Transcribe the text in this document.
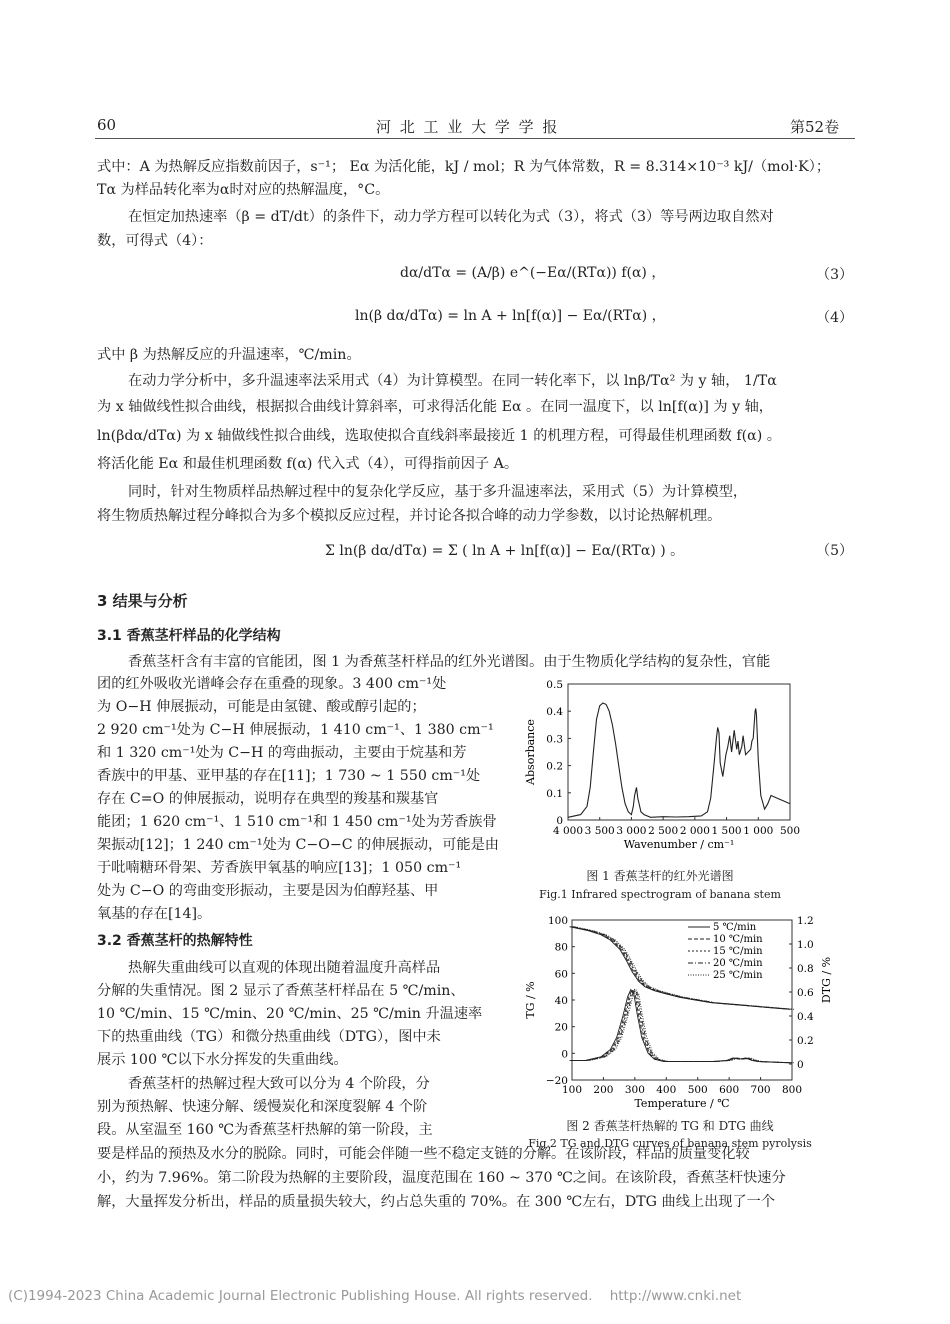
60	河 北 工 业 大 学 学 报	第52卷
式中：A 为热解反应指数前因子，s⁻¹； Eα 为活化能，kJ / mol；R 为气体常数，R = 8.314×10⁻³ kJ/（mol·K）；
Tα 为样品转化率为α时对应的热解温度，°C。
在恒定加热速率（β = dT/dt）的条件下，动力学方程可以转化为式（3），将式（3）等号两边取自然对
数，可得式（4）：
dα/dTα = (A/β) e^(−Eα/(RTα)) f(α) ，	（3）
ln(β dα/dTα) = ln A + ln[f(α)] − Eα/(RTα) ，	（4）
式中 β 为热解反应的升温速率，℃/min。
在动力学分析中，多升温速率法采用式（4）为计算模型。在同一转化率下，以 lnβ/Tα² 为 y 轴， 1/Tα
为 x 轴做线性拟合曲线，根据拟合曲线计算斜率，可求得活化能 Eα 。在同一温度下，以 ln[f(α)] 为 y 轴，
ln(βdα/dTα) 为 x 轴做线性拟合曲线，选取使拟合直线斜率最接近 1 的机理方程，可得最佳机理函数 f(α) 。
将活化能 Eα 和最佳机理函数 f(α) 代入式（4），可得指前因子 A。
同时，针对生物质样品热解过程中的复杂化学反应，基于多升温速率法，采用式（5）为计算模型，
将生物质热解过程分峰拟合为多个模拟反应过程，并讨论各拟合峰的动力学参数，以讨论热解机理。
Σ ln(β dα/dTα) = Σ ( ln A + ln[f(α)] − Eα/(RTα) ) 。	（5）
3 结果与分析
3.1 香蕉茎杆样品的化学结构
香蕉茎杆含有丰富的官能团，图 1 为香蕉茎杆样品的红外光谱图。由于生物质化学结构的复杂性，官能
团的红外吸收光谱峰会存在重叠的现象。3 400 cm⁻¹处
为 O−H 伸展振动，可能是由氢键、酸或醇引起的；
2 920 cm⁻¹处为 C−H 伸展振动，1 410 cm⁻¹、1 380 cm⁻¹
和 1 320 cm⁻¹处为 C−H 的弯曲振动，主要由于烷基和芳
香族中的甲基、亚甲基的存在[11]；1 730 ~ 1 550 cm⁻¹处
存在 C=O 的伸展振动，说明存在典型的羧基和羰基官
能团；1 620 cm⁻¹、1 510 cm⁻¹和 1 450 cm⁻¹处为芳香族骨
架振动[12]；1 240 cm⁻¹处为 C−O−C 的伸展振动，可能是由
于吡喃糖环骨架、芳香族甲氧基的响应[13]；1 050 cm⁻¹
处为 C−O 的弯曲变形振动，主要是因为伯醇羟基、甲
氧基的存在[14]。
3.2 香蕉茎杆的热解特性
热解失重曲线可以直观的体现出随着温度升高样品
分解的失重情况。图 2 显示了香蕉茎杆样品在 5 ℃/min、
10 ℃/min、15 ℃/min、20 ℃/min、25 ℃/min 升温速率
下的热重曲线（TG）和微分热重曲线（DTG），图中未
展示 100 ℃以下水分挥发的失重曲线。
香蕉茎杆的热解过程大致可以分为 4 个阶段，分
别为预热解、快速分解、缓慢炭化和深度裂解 4 个阶
段。从室温至 160 ℃为香蕉茎杆热解的第一阶段，主
要是样品的预热及水分的脱除。同时，可能会伴随一些不稳定支链的分解。在该阶段，样品的质量变化较
小，约为 7.96%。第二阶段为热解的主要阶段，温度范围在 160 ~ 370 ℃之间。在该阶段，香蕉茎杆快速分
解，大量挥发分析出，样品的质量损失较大，约占总失重的 70%。在 300 ℃左右，DTG 曲线上出现了一个
4 000 3 500 3 000 2 500 2 000 1 500 1 000 500
0
0.1
0.2
0.3
0.4
0.5
Wavenumber / cm⁻¹
Absorbance
图 1 香蕉茎杆的红外光谱图
Fig.1 Infrared spectrogram of banana stem
100 200 300 400 500 600 700 800
−20
0
20
40
60
80
100
0
0.2
0.4
0.6
0.8
1.0
1.2
Temperature / ℃
TG / %	DTG / %
5 ℃/min
10 ℃/min
15 ℃/min
20 ℃/min
25 ℃/min
图 2 香蕉茎杆热解的 TG 和 DTG 曲线
Fig.2 TG and DTG curves of banana stem pyrolysis
(C)1994-2023 China Academic Journal Electronic Publishing House. All rights reserved.    http://www.cnki.net
